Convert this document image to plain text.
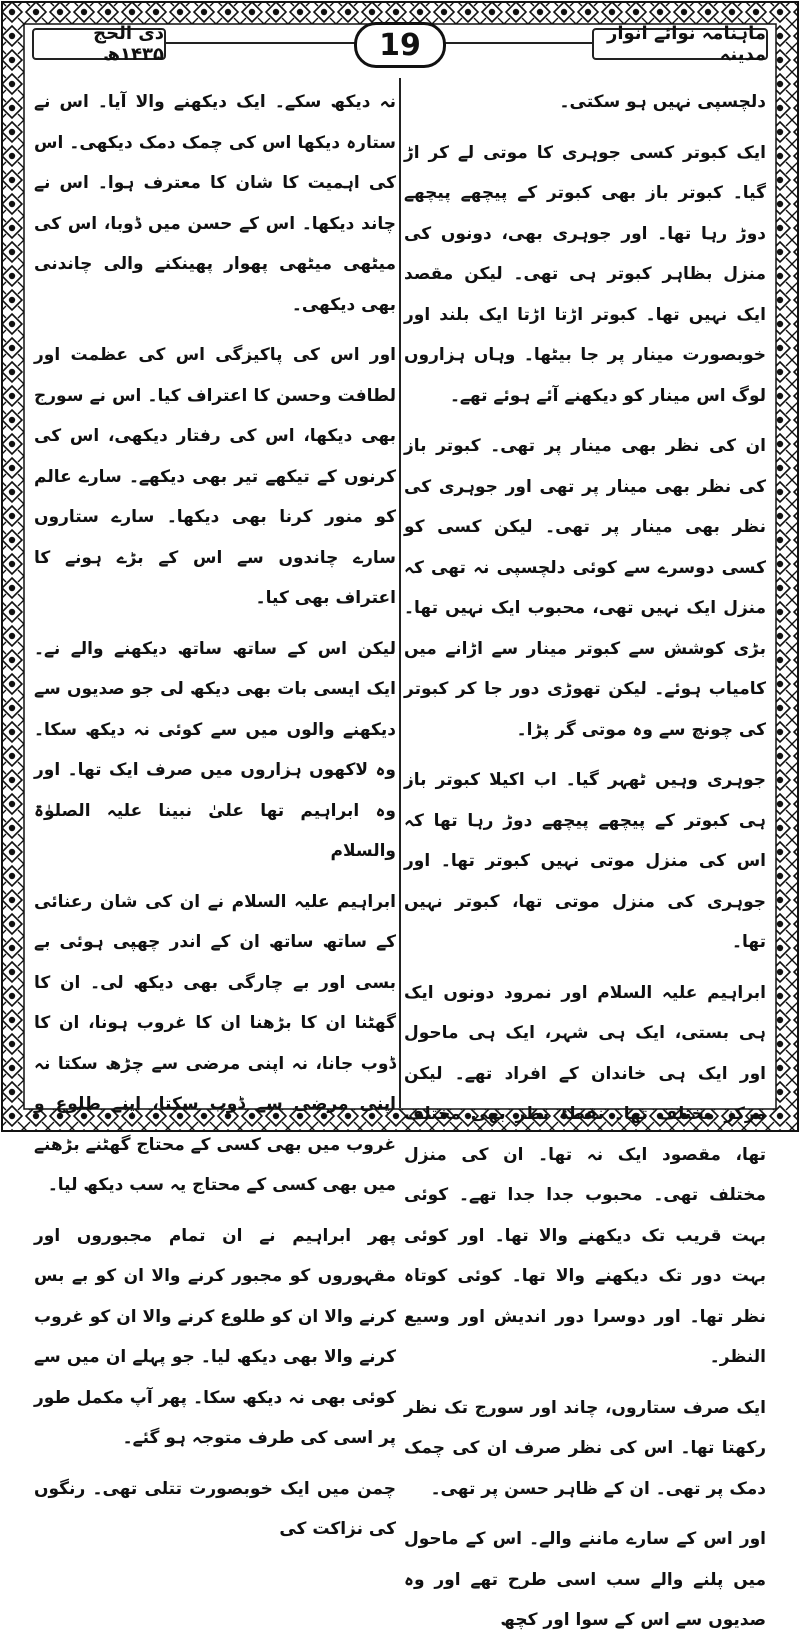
ماہنامہ نوائے انوار مدینہ
19
ذی الحج ۱۴۳۵ھ

دلچسپی نہیں ہو سکتی۔

ایک کبوتر کسی جوہری کا موتی لے کر اڑ گیا۔ کبوتر باز بھی کبوتر کے پیچھے پیچھے دوڑ رہا تھا۔ اور جوہری بھی، دونوں کی منزل بظاہر کبوتر ہی تھی۔ لیکن مقصد ایک نہیں تھا۔ کبوتر اڑتا اڑتا ایک بلند اور خوبصورت مینار پر جا بیٹھا۔ وہاں ہزاروں لوگ اس مینار کو دیکھنے آئے ہوئے تھے۔

ان کی نظر بھی مینار پر تھی۔ کبوتر باز کی نظر بھی مینار پر تھی اور جوہری کی نظر بھی مینار پر تھی۔ لیکن کسی کو کسی دوسرے سے کوئی دلچسپی نہ تھی کہ منزل ایک نہیں تھی، محبوب ایک نہیں تھا۔ بڑی کوشش سے کبوتر مینار سے اڑانے میں کامیاب ہوئے۔ لیکن تھوڑی دور جا کر کبوتر کی چونچ سے وہ موتی گر پڑا۔

جوہری وہیں ٹھہر گیا۔ اب اکیلا کبوتر باز ہی کبوتر کے پیچھے پیچھے دوڑ رہا تھا کہ اس کی منزل موتی نہیں کبوتر تھا۔ اور جوہری کی منزل موتی تھا، کبوتر نہیں تھا۔

ابراہیم علیہ السلام اور نمرود دونوں ایک ہی بستی، ایک ہی شہر، ایک ہی ماحول اور ایک ہی خاندان کے افراد تھے۔ لیکن مرکز مختلف تھا۔ نقطۂ نظر بھی مختلف تھا، مقصود ایک نہ تھا۔ ان کی منزل مختلف تھی۔ محبوب جدا جدا تھے۔ کوئی بہت قریب تک دیکھنے والا تھا۔ اور کوئی بہت دور تک دیکھنے والا تھا۔ کوئی کوتاہ نظر تھا۔ اور دوسرا دور اندیش اور وسیع النظر۔

ایک صرف ستاروں، چاند اور سورج تک نظر رکھتا تھا۔ اس کی نظر صرف ان کی چمک دمک پر تھی۔ ان کے ظاہر حسن پر تھی۔

اور اس کے سارے ماننے والے۔ اس کے ماحول میں پلنے والے سب اسی طرح تھے اور وہ صدیوں سے اس کے سوا اور کچھ

نہ دیکھ سکے۔ ایک دیکھنے والا آیا۔ اس نے ستارہ دیکھا اس کی چمک دمک دیکھی۔ اس کی اہمیت کا شان کا معترف ہوا۔ اس نے چاند دیکھا۔ اس کے حسن میں ڈوبا، اس کی میٹھی میٹھی پھوار پھینکنے والی چاندنی بھی دیکھی۔

اور اس کی پاکیزگی اس کی عظمت اور لطافت وحسن کا اعتراف کیا۔ اس نے سورج بھی دیکھا، اس کی رفتار دیکھی، اس کی کرنوں کے تیکھے تیر بھی دیکھے۔ سارے عالم کو منور کرنا بھی دیکھا۔ سارے ستاروں سارے چاندوں سے اس کے بڑے ہونے کا اعتراف بھی کیا۔

لیکن اس کے ساتھ ساتھ دیکھنے والے نے۔ ایک ایسی بات بھی دیکھ لی جو صدیوں سے دیکھنے والوں میں سے کوئی نہ دیکھ سکا۔ وہ لاکھوں ہزاروں میں صرف ایک تھا۔ اور وہ ابراہیم تھا علیٰ نبینا علیہ الصلوٰۃ والسلام

ابراہیم علیہ السلام نے ان کی شان رعنائی کے ساتھ ساتھ ان کے اندر چھپی ہوئی بے بسی اور بے چارگی بھی دیکھ لی۔ ان کا گھٹنا ان کا بڑھنا ان کا غروب ہونا، ان کا ڈوب جانا، نہ اپنی مرضی سے چڑھ سکتا نہ اپنی مرضی سے ڈوب سکتا، اپنے طلوع و غروب میں بھی کسی کے محتاج گھٹنے بڑھنے میں بھی کسی کے محتاج یہ سب دیکھ لیا۔

پھر ابراہیم نے ان تمام مجبوروں اور مقہوروں کو مجبور کرنے والا ان کو بے بس کرنے والا ان کو طلوع کرنے والا ان کو غروب کرنے والا بھی دیکھ لیا۔ جو پہلے ان میں سے کوئی بھی نہ دیکھ سکا۔ پھر آپ مکمل طور پر اسی کی طرف متوجہ ہو گئے۔

چمن میں ایک خوبصورت تتلی تھی۔ رنگوں کی نزاکت کی
